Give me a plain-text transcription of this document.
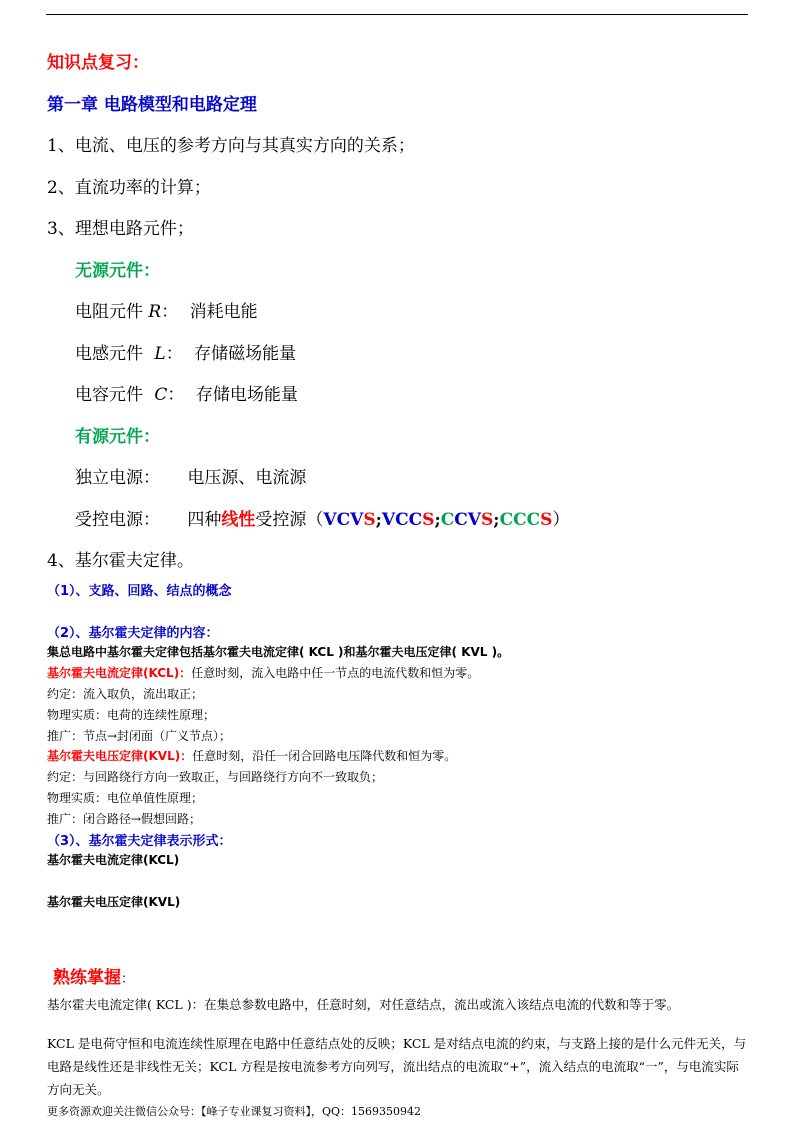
知识点复习：
第一章 电路模型和电路定理
1、电流、电压的参考方向与其真实方向的关系；
2、直流功率的计算；
3、理想电路元件；
无源元件：
电阻元件 R： 消耗电能
电感元件 L： 存储磁场能量
电容元件 C： 存储电场能量
有源元件：
独立电源： 电压源、电流源
受控电源： 四种线性受控源（VCVS;VCCS;CCVS;CCCS）
4、基尔霍夫定律。
（1）、支路、回路、结点的概念
（2）、基尔霍夫定律的内容：
集总电路中基尔霍夫定律包括基尔霍夫电流定律( KCL )和基尔霍夫电压定律( KVL )。
基尔霍夫电流定律(KCL)：任意时刻，流入电路中任一节点的电流代数和恒为零。
约定：流入取负，流出取正；
物理实质：电荷的连续性原理；
推广：节点→封闭面（广义节点）；
基尔霍夫电压定律(KVL)：任意时刻，沿任一闭合回路电压降代数和恒为零。
约定：与回路绕行方向一致取正，与回路绕行方向不一致取负；
物理实质：电位单值性原理；
推广：闭合路径→假想回路；
（3）、基尔霍夫定律表示形式：
基尔霍夫电流定律(KCL)
基尔霍夫电压定律(KVL)
熟练掌握：
基尔霍夫电流定律( KCL )：在集总参数电路中，任意时刻，对任意结点，流出或流入该结点电流的代数和等于零。
KCL 是电荷守恒和电流连续性原理在电路中任意结点处的反映；KCL 是对结点电流的约束，与支路上接的是什么元件无关，与电路是线性还是非线性无关；KCL 方程是按电流参考方向列写，流出结点的电流取“+”，流入结点的电流取“一”，与电流实际方向无关。
更多资源欢迎关注微信公众号：【峰子专业课复习资料】，QQ：1569350942
